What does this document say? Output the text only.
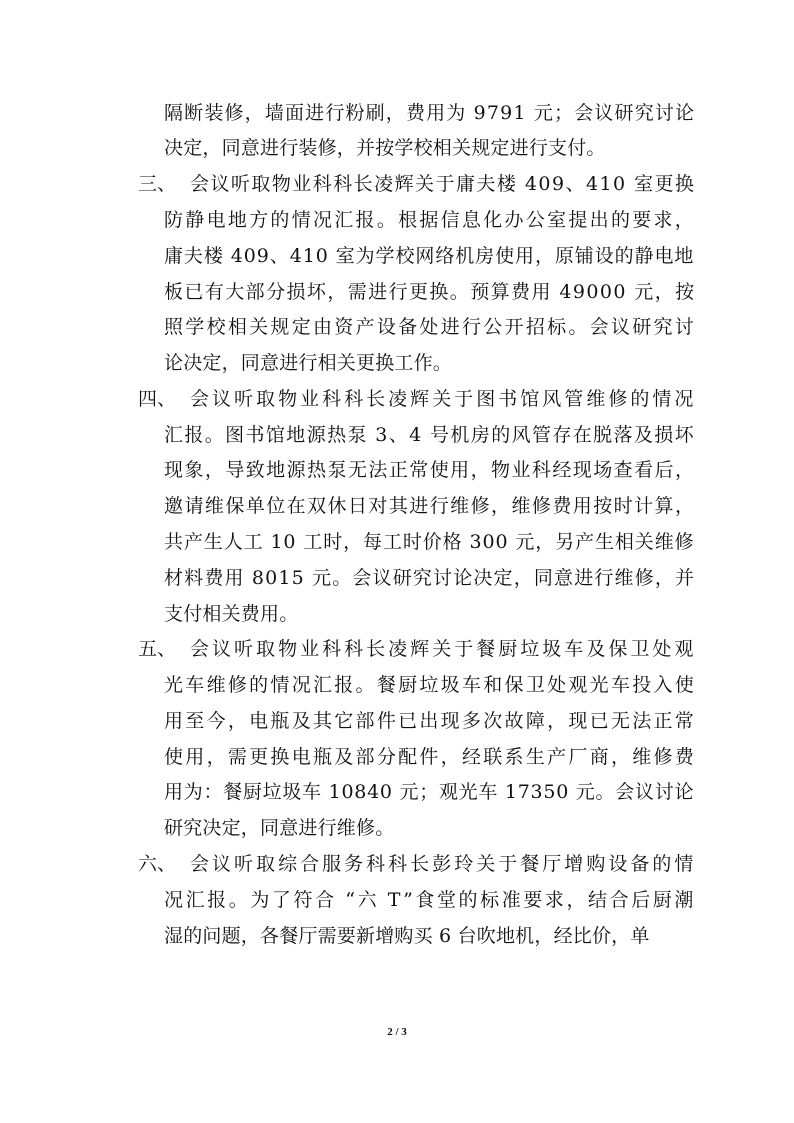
隔断装修，墙面进行粉刷，费用为 9791 元；会议研究讨论
决定，同意进行装修，并按学校相关规定进行支付。
三、 会议听取物业科科长凌辉关于庸夫楼 409、410 室更换
防静电地方的情况汇报。根据信息化办公室提出的要求，
庸夫楼 409、410 室为学校网络机房使用，原铺设的静电地
板已有大部分损坏，需进行更换。预算费用 49000 元，按
照学校相关规定由资产设备处进行公开招标。会议研究讨
论决定，同意进行相关更换工作。
四、 会议听取物业科科长凌辉关于图书馆风管维修的情况
汇报。图书馆地源热泵 3、4 号机房的风管存在脱落及损坏
现象，导致地源热泵无法正常使用，物业科经现场查看后，
邀请维保单位在双休日对其进行维修，维修费用按时计算，
共产生人工 10 工时，每工时价格 300 元，另产生相关维修
材料费用 8015 元。会议研究讨论决定，同意进行维修，并
支付相关费用。
五、 会议听取物业科科长凌辉关于餐厨垃圾车及保卫处观
光车维修的情况汇报。餐厨垃圾车和保卫处观光车投入使
用至今，电瓶及其它部件已出现多次故障，现已无法正常
使用，需更换电瓶及部分配件，经联系生产厂商，维修费
用为：餐厨垃圾车 10840 元；观光车 17350 元。会议讨论
研究决定，同意进行维修。
六、 会议听取综合服务科科长彭玲关于餐厅增购设备的情
况汇报。为了符合 “六 T”食堂的标准要求，结合后厨潮
湿的问题，各餐厅需要新增购买 6 台吹地机，经比价，单
2 / 3
